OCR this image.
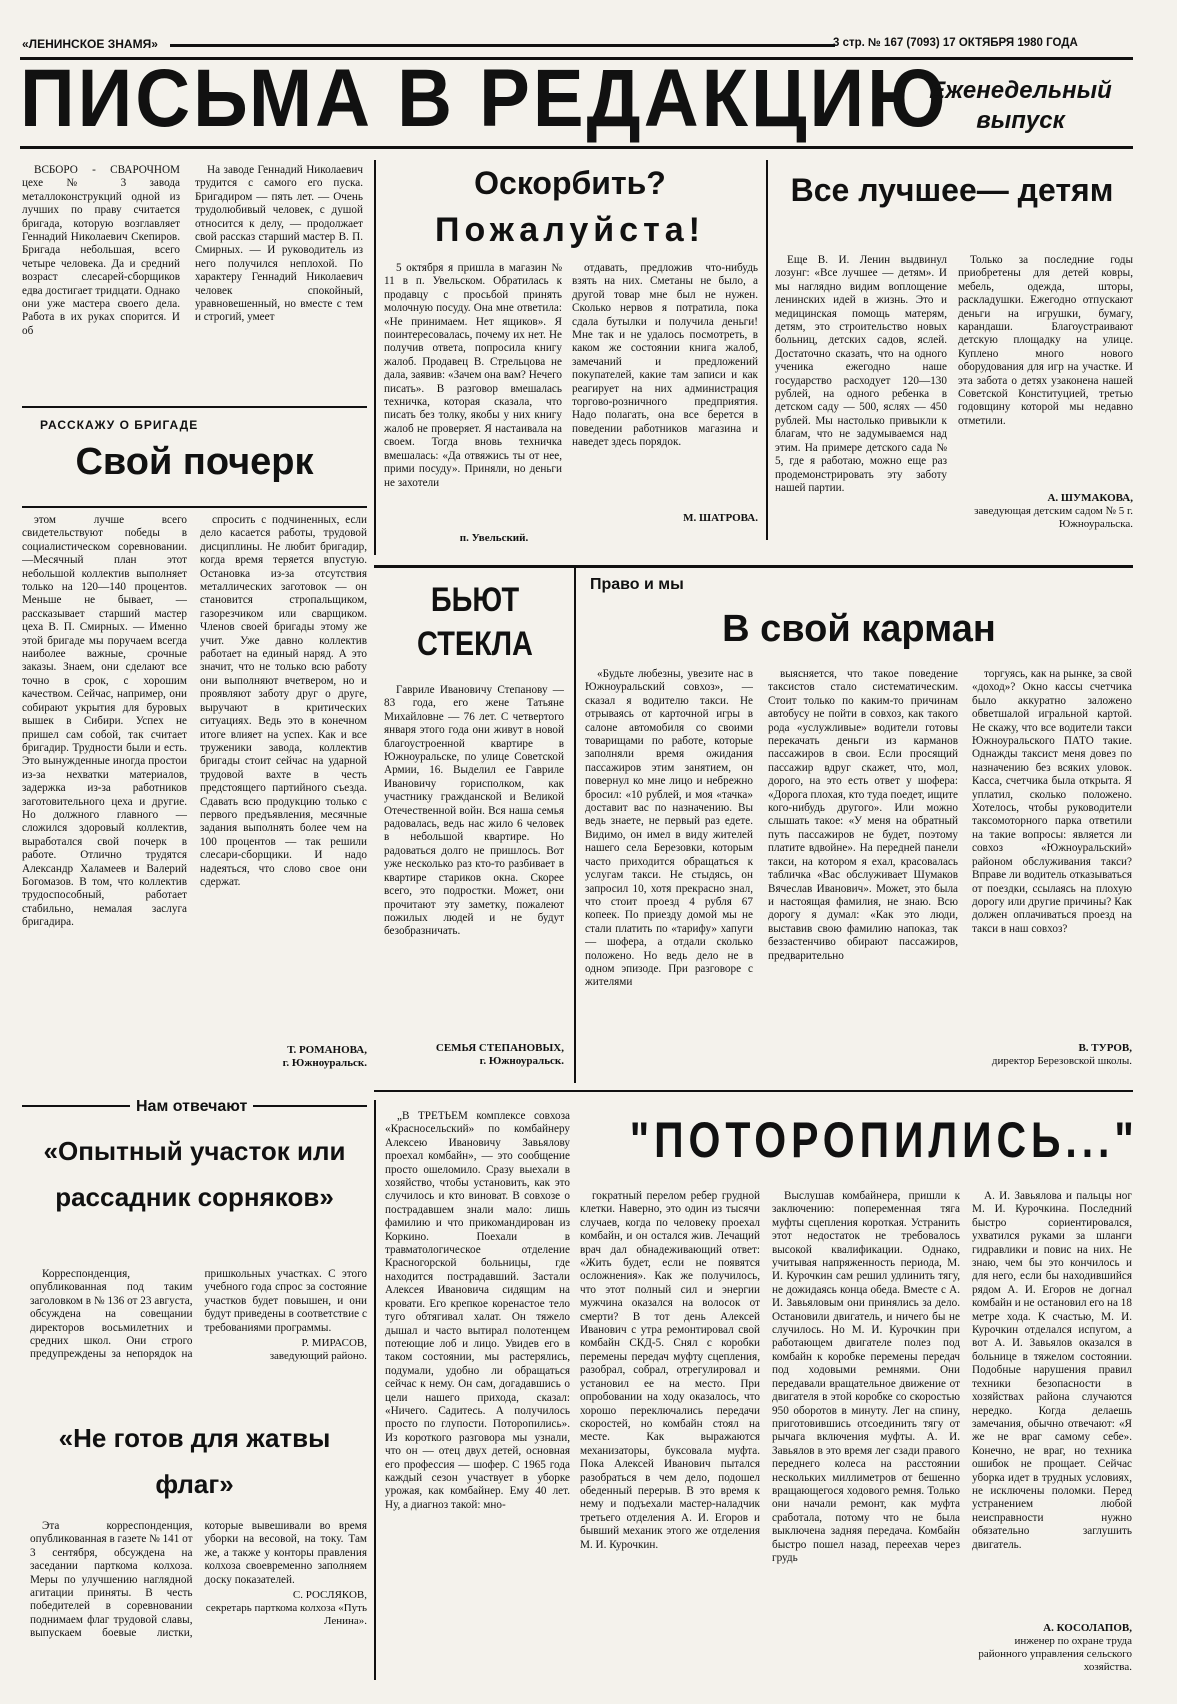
«ЛЕНИНСКОЕ ЗНАМЯ»	3 стр. № 167 (7093) 17 ОКТЯБРЯ 1980 ГОДА
ПИСЬМА В РЕДАКЦИЮ
Еженедельный выпуск

ВСБОРО - СВАРОЧНОМ цехе № 3 завода металлоконструкций одной из лучших по праву считается бригада, которую возглавляет Геннадий Николаевич Скепиров. Бригада небольшая, всего четыре человека. Да и средний возраст слесарей-сборщиков едва достигает тридцати. Однако они уже мастера своего дела. Работа в их руках спорится. И об

На заводе Геннадий Николаевич трудится с самого его пуска. Бригадиром — пять лет. — Очень трудолюбивый человек, с душой относится к делу, — продолжает свой рассказ старший мастер В. П. Смирных. — И руководитель из него получился неплохой. По характеру Геннадий Николаевич человек спокойный, уравновешенный, но вместе с тем и строгий, умеет

РАССКАЖУ О БРИГАДЕ
Свой почерк

этом лучше всего свидетельствуют победы в социалистическом соревновании. —Месячный план этот небольшой коллектив выполняет только на 120—140 процентов. Меньше не бывает, — рассказывает старший мастер цеха В. П. Смирных. — Именно этой бригаде мы поручаем всегда наиболее важные, срочные заказы. Знаем, они сделают все точно в срок, с хорошим качеством. Сейчас, например, они собирают укрытия для буровых вышек в Сибири. Успех не пришел сам собой, так считает бригадир. Трудности были и есть. Это вынужденные иногда простои из-за нехватки материалов, задержка из-за работников заготовительного цеха и другие. Но должного главного — сложился здоровый коллектив, выработался свой почерк в работе. Отлично трудятся Александр Халамеев и Валерий Богомазов. В том, что коллектив трудоспособный, работает стабильно, немалая заслуга бригадира.

спросить с подчиненных, если дело касается работы, трудовой дисциплины. Не любит бригадир, когда время теряется впустую. Остановка из-за отсутствия металлических заготовок — он становится стропальщиком, газорезчиком или сварщиком. Членов своей бригады этому же учит. Уже давно коллектив работает на единый наряд. А это значит, что не только всю работу они выполняют вчетвером, но и проявляют заботу друг о друге, выручают в критических ситуациях. Ведь это в конечном итоге влияет на успех. Как и все труженики завода, коллектив бригады стоит сейчас на ударной трудовой вахте в честь предстоящего партийного съезда. Сдавать всю продукцию только с первого предъявления, месячные задания выполнять более чем на 100 процентов — так решили слесари-сборщики. И надо надеяться, что слово свое они сдержат.

Т. РОМАНОВА,
г. Южноуральск.
Оскорбить?
Пожалуйста!

5 октября я пришла в магазин № 11 в п. Увельском. Обратилась к продавцу с просьбой принять молочную посуду. Она мне ответила: «Не принимаем. Нет ящиков». Я поинтересовалась, почему их нет. Не получив ответа, попросила книгу жалоб. Продавец В. Стрельцова не дала, заявив: «Зачем она вам? Нечего писать». В разговор вмешалась техничка, которая сказала, что писать без толку, якобы у них книгу жалоб не проверяет. Я настаивала на своем. Тогда вновь техничка вмешалась: «Да отвяжись ты от нее, прими посуду». Приняли, но деньги не захотели

отдавать, предложив что-нибудь взять на них. Сметаны не было, а другой товар мне был не нужен. Сколько нервов я потратила, пока сдала бутылки и получила деньги! Мне так и не удалось посмотреть, в каком же состоянии книга жалоб, замечаний и предложений покупателей, какие там записи и как реагирует на них администрация торгово-розничного предприятия. Надо полагать, она все берется в поведении работников магазина и наведет здесь порядок.

М. ШАТРОВА.
п. Увельский.
Все лучшее— детям

Еще В. И. Ленин выдвинул лозунг: «Все лучшее — детям». И мы наглядно видим воплощение ленинских идей в жизнь. Это и медицинская помощь матерям, детям, это строительство новых больниц, детских садов, яслей. Достаточно сказать, что на одного ученика ежегодно наше государство расходует 120—130 рублей, на одного ребенка в детском саду — 500, яслях — 450 рублей. Мы настолько привыкли к благам, что не задумываемся над этим. На примере детского сада № 5, где я работаю, можно еще раз продемонстрировать эту заботу нашей партии.

Только за последние годы приобретены для детей ковры, мебель, одежда, шторы, раскладушки. Ежегодно отпускают деньги на игрушки, бумагу, карандаши. Благоустраивают детскую площадку на улице. Куплено много нового оборудования для игр на участке. И эта забота о детях узаконена нашей Советской Конституцией, третью годовщину которой мы недавно отметили.

А. ШУМАКОВА,
заведующая детским садом № 5 г. Южноуральска.
БЬЮТ СТЕКЛА

Гавриле Ивановичу Степанову — 83 года, его жене Татьяне Михайловне — 76 лет. С четвертого января этого года они живут в новой благоустроенной квартире в Южноуральске, по улице Советской Армии, 16. Выделил ее Гавриле Ивановичу горисполком, как участнику гражданской и Великой Отечественной войн. Вся наша семья радовалась, ведь нас жило 6 человек в небольшой квартире. Но радоваться долго не пришлось. Вот уже несколько раз кто-то разбивает в квартире стариков окна. Скорее всего, это подростки. Может, они прочитают эту заметку, пожалеют пожилых людей и не будут безобразничать.

СЕМЬЯ СТЕПАНОВЫХ,
г. Южноуральск.
Право и мы
В свой карман

«Будьте любезны, увезите нас в Южноуральский совхоз», — сказал я водителю такси. Не отрываясь от карточной игры в салоне автомобиля со своими товарищами по работе, которые заполняли время ожидания пассажиров этим занятием, он повернул ко мне лицо и небрежно бросил: «10 рублей, и моя «тачка» доставит вас по назначению. Вы ведь знаете, не первый раз едете. Видимо, он имел в виду жителей нашего села Березовки, которым часто приходится обращаться к услугам такси. Не стыдясь, он запросил 10, хотя прекрасно знал, что стоит проезд 4 рубля 67 копеек. По приезду домой мы не стали платить по «тарифу» хапуги — шофера, а отдали сколько положено. Но ведь дело не в одном эпизоде. При разговоре с жителями

выясняется, что такое поведение таксистов стало систематическим. Стоит только по каким-то причинам автобусу не пойти в совхоз, как такого рода «услужливые» водители готовы перекачать деньги из карманов пассажиров в свои. Если просящий пассажир вдруг скажет, что, мол, дорого, на это есть ответ у шофера: «Дорога плохая, кто туда поедет, ищите кого-нибудь другого». Или можно слышать такое: «У меня на обратный путь пассажиров не будет, поэтому платите вдвойне». На передней панели такси, на котором я ехал, красовалась табличка «Вас обслуживает Шумаков Вячеслав Иванович». Может, это была и настоящая фамилия, не знаю. Всю дорогу я думал: «Как это люди, выставив свою фамилию напоказ, так беззастенчиво обирают пассажиров, предварительно

торгуясь, как на рынке, за свой «доход»? Окно кассы счетчика было аккуратно заложено обветшалой игральной картой. Не скажу, что все водители такси Южноуральского ПАТО такие. Однажды таксист меня довез по назначению без всяких уловок. Касса, счетчика была открыта. Я уплатил, сколько положено. Хотелось, чтобы руководители таксомоторного парка ответили на такие вопросы: является ли совхоз «Южноуральский» районом обслуживания такси? Вправе ли водитель отказываться от поездки, ссылаясь на плохую дорогу или другие причины? Как должен оплачиваться проезд на такси в наш совхоз?

В. ТУРОВ,
директор Березовской школы.
Нам отвечают
«Опытный участок или рассадник сорняков»

Корреспонденция, опубликованная под таким заголовком в № 136 от 23 августа, обсуждена на совещании директоров восьмилетних и средних школ. Они строго предупреждены за непорядок на пришкольных участках. С этого учебного года спрос за состояние участков будет повышен, и они будут приведены в соответствие с требованиями программы.

Р. МИРАСОВ,
заведующий районо.
«Не готов для жатвы флаг»

Эта корреспонденция, опубликованная в газете № 141 от 3 сентября, обсуждена на заседании парткома колхоза. Меры по улучшению наглядной агитации приняты. В честь победителей в соревновании поднимаем флаг трудовой славы, выпускаем боевые листки, которые вывешивали во время уборки на весовой, на току. Там же, а также у конторы правления колхоза своевременно заполняем доску показателей.

С. РОСЛЯКОВ,
секретарь парткома колхоза «Путь Ленина».
"ПОТОРОПИЛИСЬ..."

„В ТРЕТЬЕМ комплексе совхоза «Красносельский» по комбайнеру Алексею Ивановичу Завьялову проехал комбайн», — это сообщение просто ошеломило. Сразу выехали в хозяйство, чтобы установить, как это случилось и кто виноват. В совхозе о пострадавшем знали мало: лишь фамилию и что прикомандирован из Коркино. Поехали в травматологическое отделение Красногорской больницы, где находится пострадавший. Застали Алексея Ивановича сидящим на кровати. Его крепкое коренастое тело туго обтягивал халат. Он тяжело дышал и часто вытирал полотенцем потеющие лоб и лицо. Увидев его в таком состоянии, мы растерялись, подумали, удобно ли обращаться сейчас к нему. Он сам, догадавшись о цели нашего прихода, сказал: «Ничего. Садитесь. А получилось просто по глупости. Поторопились». Из короткого разговора мы узнали, что он — отец двух детей, основная его профессия — шофер. С 1965 года каждый сезон участвует в уборке урожая, как комбайнер. Ему 40 лет. Ну, а диагноз такой: мно-

гократный перелом ребер грудной клетки. Наверно, это один из тысячи случаев, когда по человеку проехал комбайн, и он остался жив. Лечащий врач дал обнадеживающий ответ: «Жить будет, если не появятся осложнения». Как же получилось, что этот полный сил и энергии мужчина оказался на волосок от смерти? В тот день Алексей Иванович с утра ремонтировал свой комбайн СКД-5. Снял с коробки перемены передач муфту сцепления, разобрал, собрал, отрегулировал и установил ее на место. При опробовании на ходу оказалось, что хорошо переключались передачи скоростей, но комбайн стоял на месте. Как выражаются механизаторы, буксовала муфта. Пока Алексей Иванович пытался разобраться в чем дело, подошел обеденный перерыв. В это время к нему и подъехали мастер-наладчик третьего отделения А. И. Егоров и бывший механик этого же отделения М. И. Курочкин.

Выслушав комбайнера, пришли к заключению: попеременная тяга муфты сцепления короткая. Устранить этот недостаток не требовалось высокой квалификации. Однако, учитывая напряженность периода, М. И. Курочкин сам решил удлинить тягу, не дожидаясь конца обеда. Вместе с А. И. Завьяловым они принялись за дело. Остановили двигатель, и ничего бы не случилось. Но М. И. Курочкин при работающем двигателе полез под комбайн к коробке перемены передач под ходовыми ремнями. Они передавали вращательное движение от двигателя в этой коробке со скоростью 950 оборотов в минуту. Лег на спину, приготовившись отсоединить тягу от рычага включения муфты. А. И. Завьялов в это время лег сзади правого переднего колеса на расстоянии нескольких миллиметров от бешенно вращающегося ходового ремня. Только они начали ремонт, как муфта сработала, потому что не была выключена задняя передача. Комбайн быстро пошел назад, переехав через грудь

А. И. Завьялова и пальцы ног М. И. Курочкина. Последний быстро сориентировался, ухватился руками за шланги гидравлики и повис на них. Не знаю, чем бы это кончилось и для него, если бы находившийся рядом А. И. Егоров не догнал комбайн и не остановил его на 18 метре хода. К счастью, М. И. Курочкин отделался испугом, а вот А. И. Завьялов оказался в больнице в тяжелом состоянии. Подобные нарушения правил техники безопасности в хозяйствах района случаются нередко. Когда делаешь замечания, обычно отвечают: «Я же не враг самому себе». Конечно, не враг, но техника ошибок не прощает. Сейчас уборка идет в трудных условиях, не исключены поломки. Перед устранением любой неисправности нужно обязательно заглушить двигатель.

А. КОСОЛАПОВ,
инженер по охране труда районного управления сельского хозяйства.
